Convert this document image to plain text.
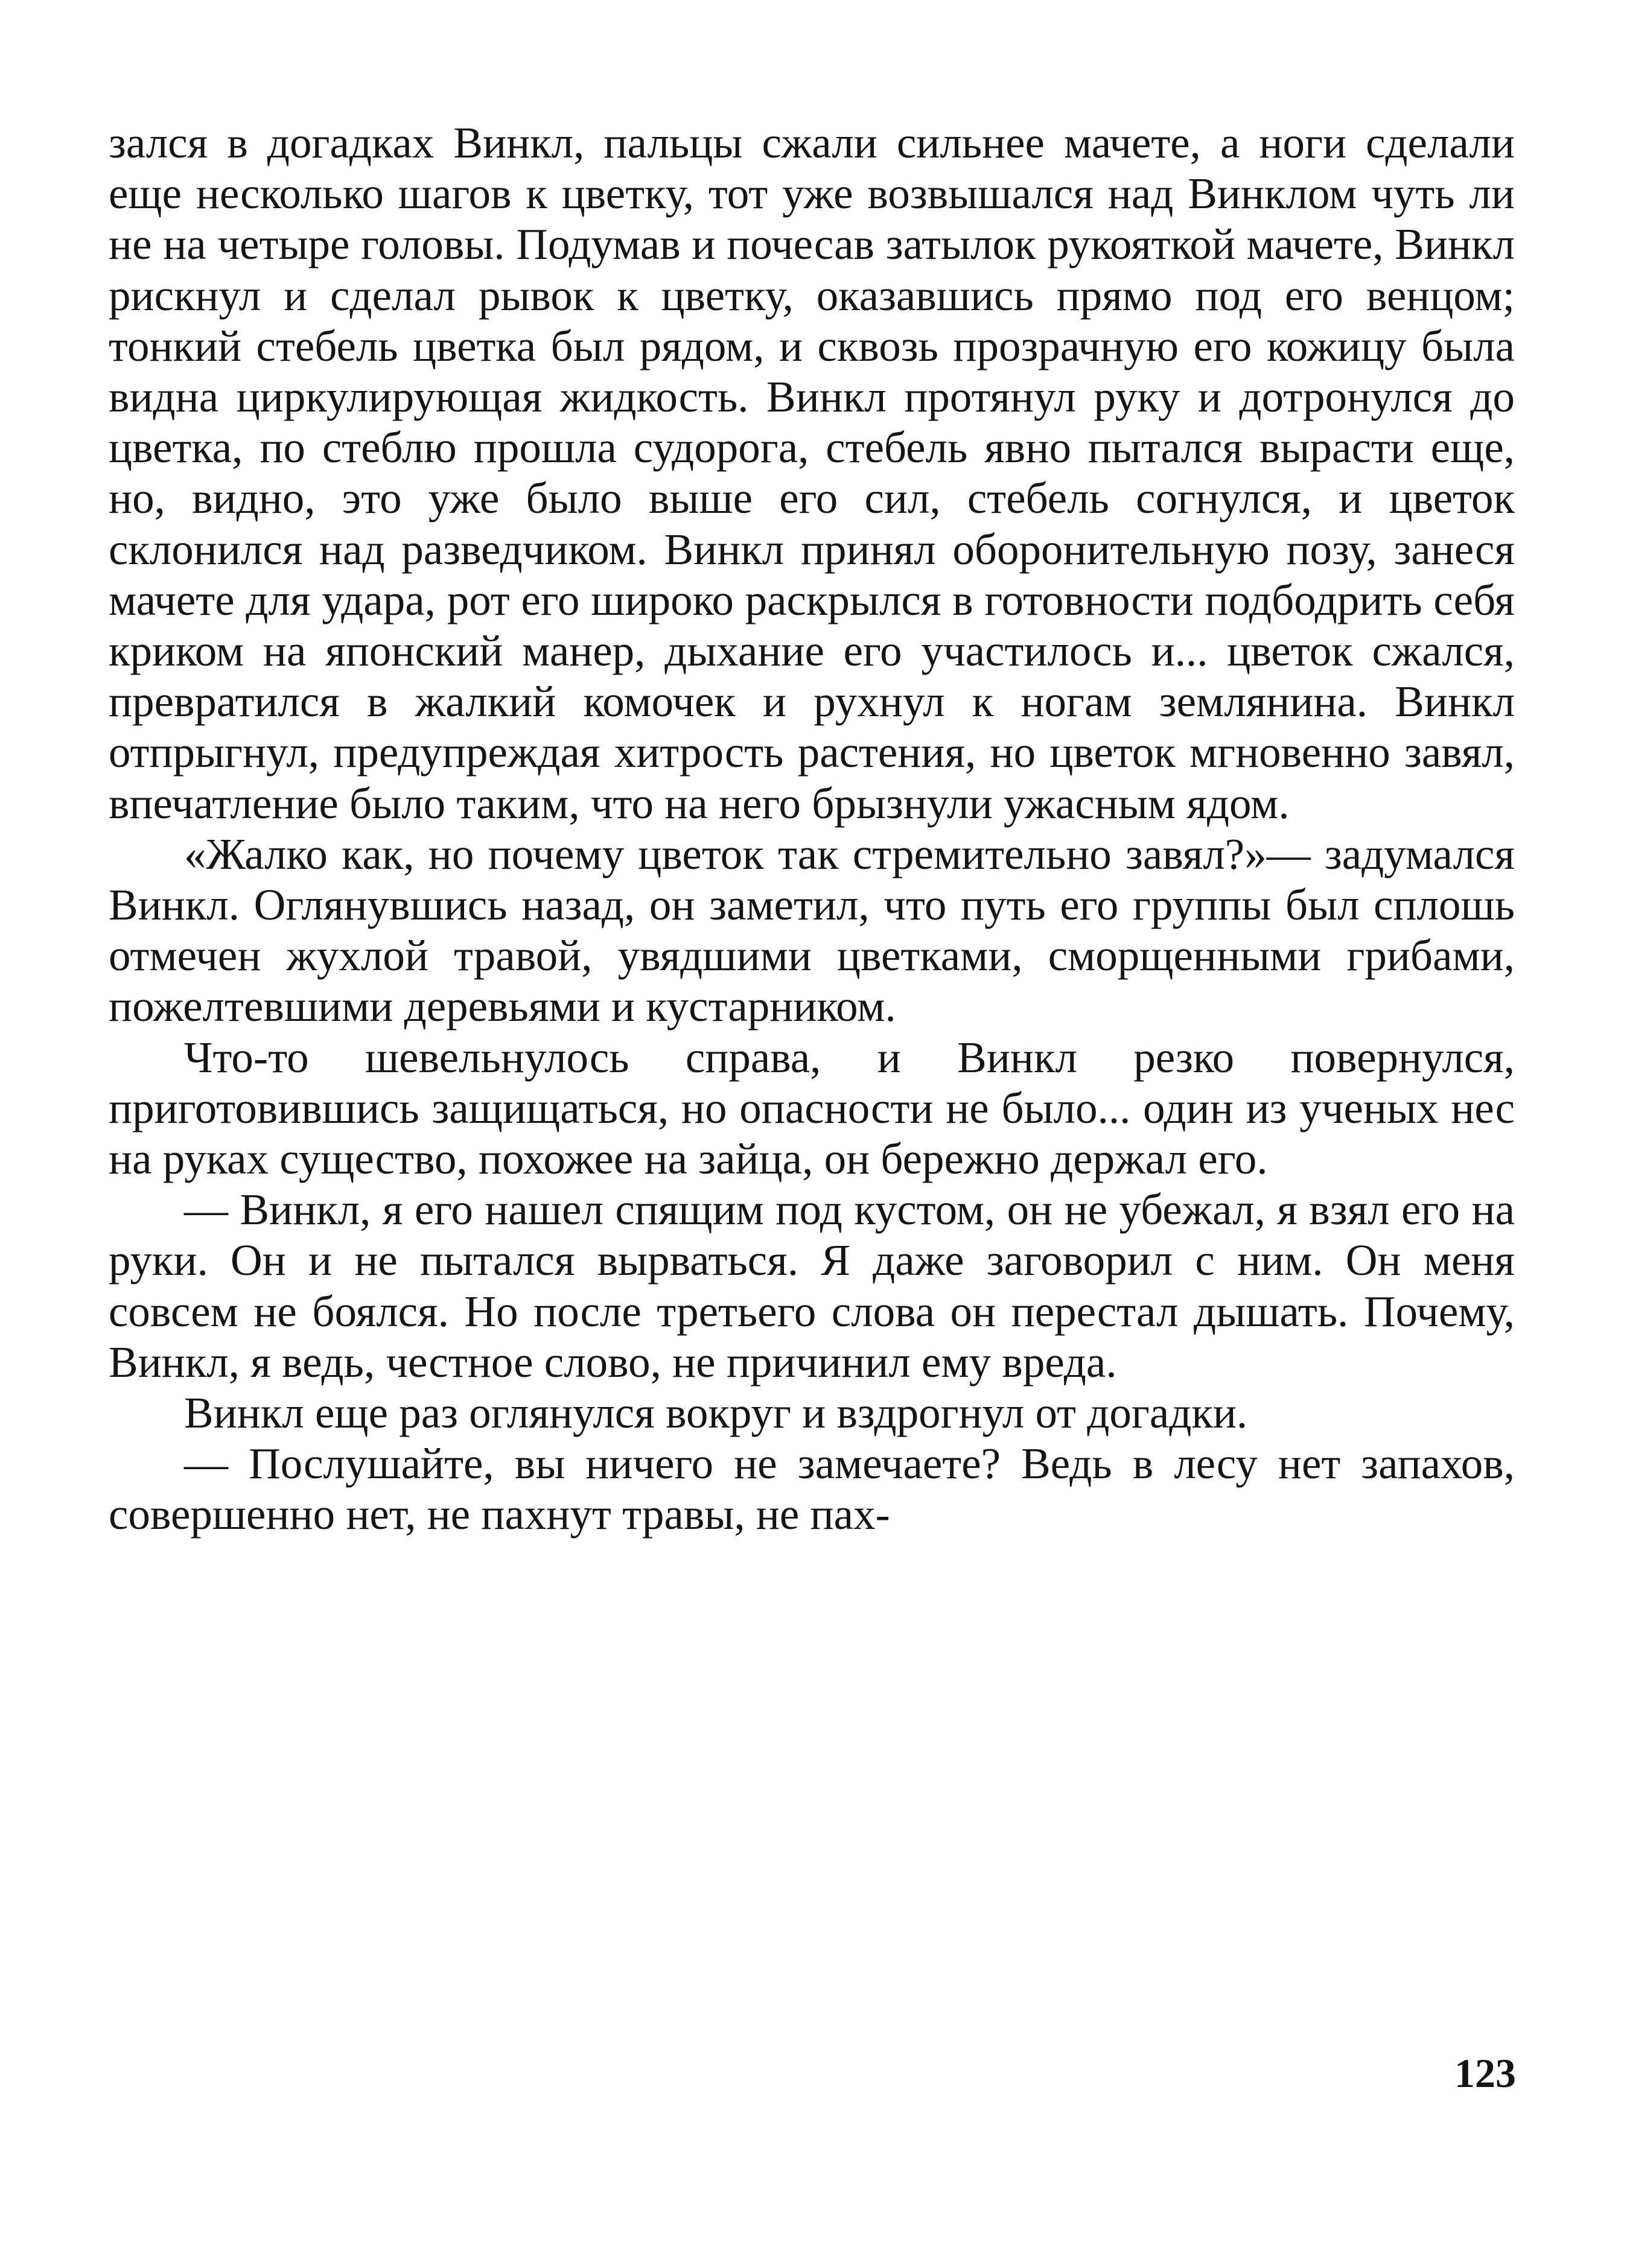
зался в догадках Винкл, пальцы сжали сильнее мачете, а ноги сделали еще несколько шагов к цветку, тот уже возвышался над Винклом чуть ли не на четыре головы. Подумав и почесав затылок рукояткой мачете, Винкл рискнул и сделал рывок к цветку, оказавшись прямо под его венцом; тонкий стебель цветка был рядом, и сквозь прозрачную его кожицу была видна циркулирующая жидкость. Винкл протянул руку и дотронулся до цветка, по стеблю прошла судорога, стебель явно пытался вырасти еще, но, видно, это уже было выше его сил, стебель согнулся, и цветок склонился над разведчиком. Винкл принял оборонительную позу, занеся мачете для удара, рот его широко раскрылся в готовности подбодрить себя криком на японский манер, дыхание его участилось и... цветок сжался, превратился в жалкий комочек и рухнул к ногам землянина. Винкл отпрыгнул, предупреждая хитрость растения, но цветок мгновенно завял, впечатление было таким, что на него брызнули ужасным ядом.

«Жалко как, но почему цветок так стремительно завял?»— задумался Винкл. Оглянувшись назад, он заметил, что путь его группы был сплошь отмечен жухлой травой, увядшими цветками, сморщенными грибами, пожелтевшими деревьями и кустарником.

Что-то шевельнулось справа, и Винкл резко повернулся, приготовившись защищаться, но опасности не было... один из ученых нес на руках существо, похожее на зайца, он бережно держал его.

— Винкл, я его нашел спящим под кустом, он не убежал, я взял его на руки. Он и не пытался вырваться. Я даже заговорил с ним. Он меня совсем не боялся. Но после третьего слова он перестал дышать. Почему, Винкл, я ведь, честное слово, не причинил ему вреда.

Винкл еще раз оглянулся вокруг и вздрогнул от догадки.

— Послушайте, вы ничего не замечаете? Ведь в лесу нет запахов, совершенно нет, не пахнут травы, не пах-

123
